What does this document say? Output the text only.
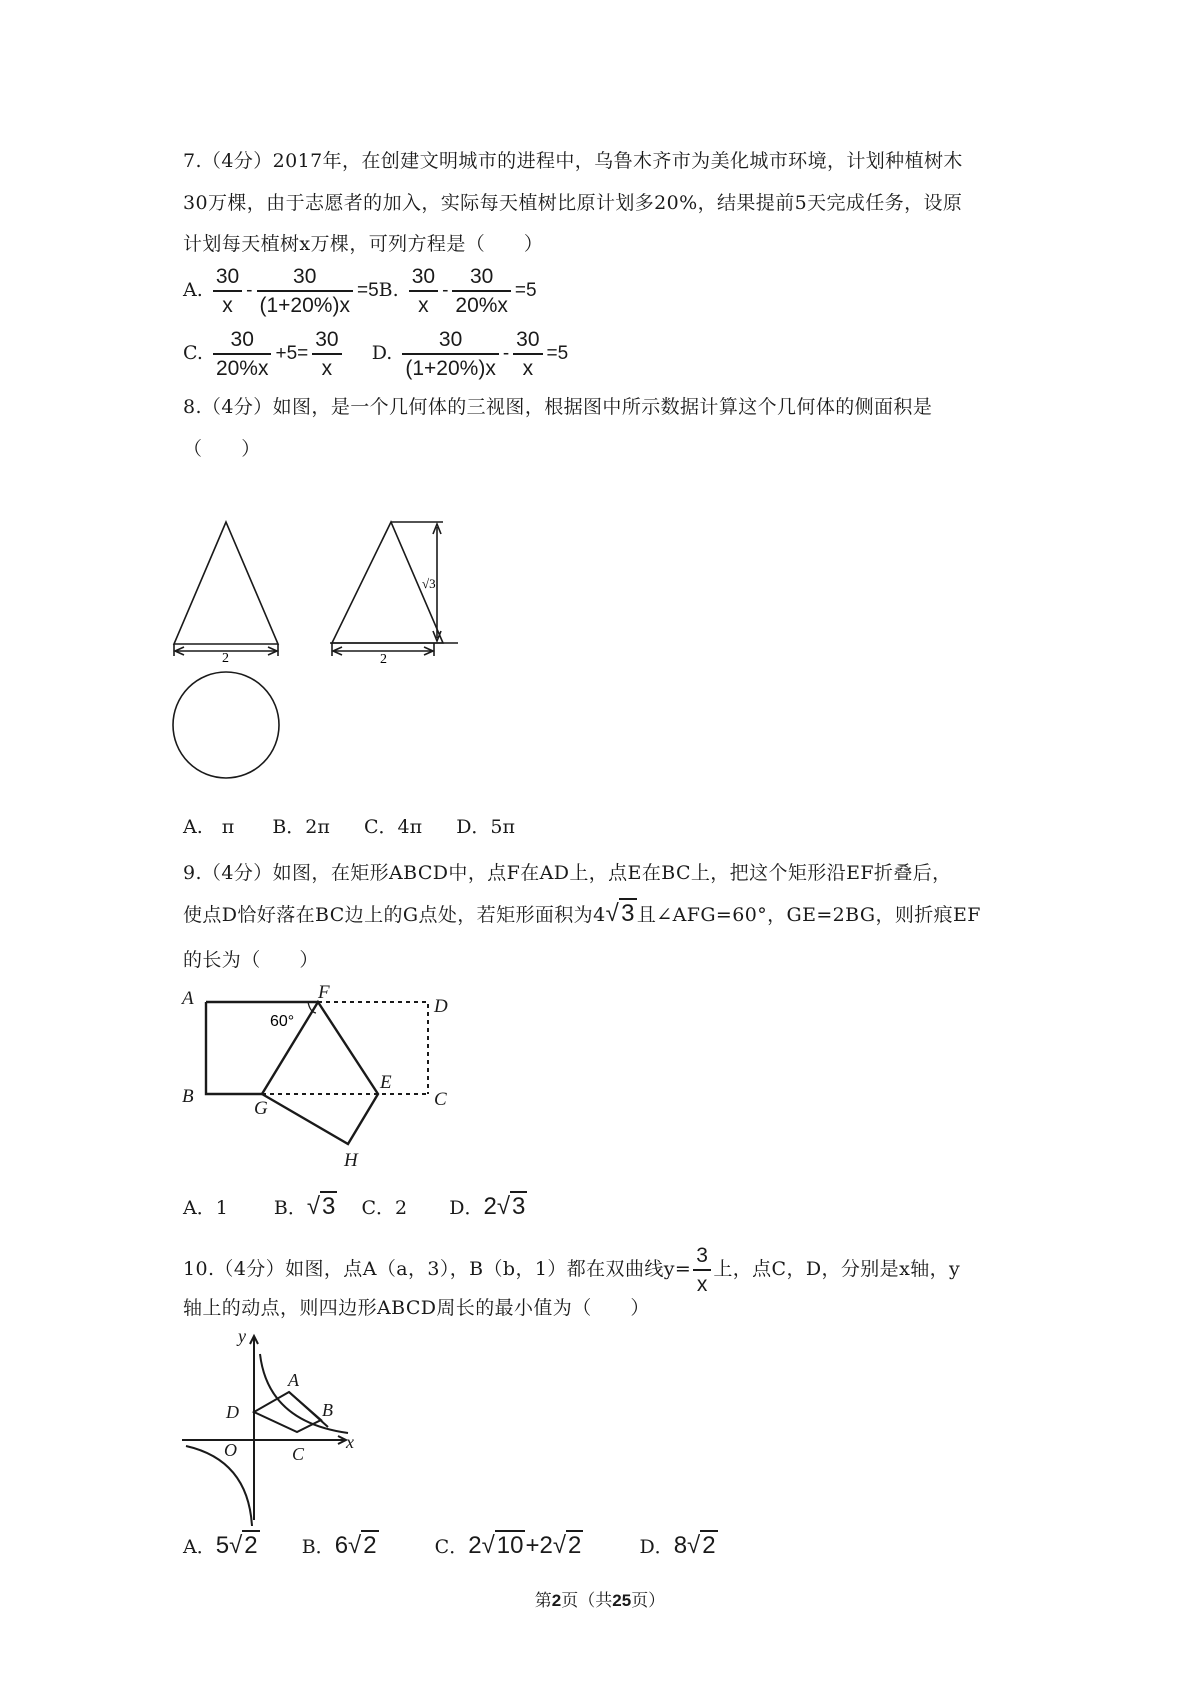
7.（4分）2017年，在创建文明城市的进程中，乌鲁木齐市为美化城市环境，计划种植树木
30万棵，由于志愿者的加入，实际每天植树比原计划多20%，结果提前5天完成任务，设原
计划每天植树x万棵，可列方程是（　　）
A. $\frac{30}{x} - \frac{30}{(1+20\%)x} =5B$. $\frac{30}{x} - \frac{30}{20\%x} =5$
C. $\frac{30}{20\%x} +5= \frac{30}{x} D$. $\frac{30}{(1+20\%)x} - \frac{30}{x} =5$
8.（4分）如图，是一个几何体的三视图，根据图中所示数据计算这个几何体的侧面积是
（　　）
2
√3
2
A.　π B．2π C．4π D．5π
9.（4分）如图，在矩形ABCD中，点F在AD上，点E在BC上，把这个矩形沿EF折叠后，
使点D恰好落在BC边上的G点处，若矩形面积为4√3 且∠AFG=60°，GE=2BG，则折痕EF
的长为（　　）
A
B	C
D
E
F
G
H
60°
A．1 B．√3 C．2 D．2√3
10.（4分）如图，点A（a，3），B（b，1）都在双曲线$y= \frac{3}{x}$ 上，点C，D，分别是x轴，y
轴上的动点，则四边形ABCD周长的最小值为（　　）
y
x
O
D
C
A
B
A．5√2 B．6√2	C．2√10+2√2	D．8√2
第2页（共25页）
